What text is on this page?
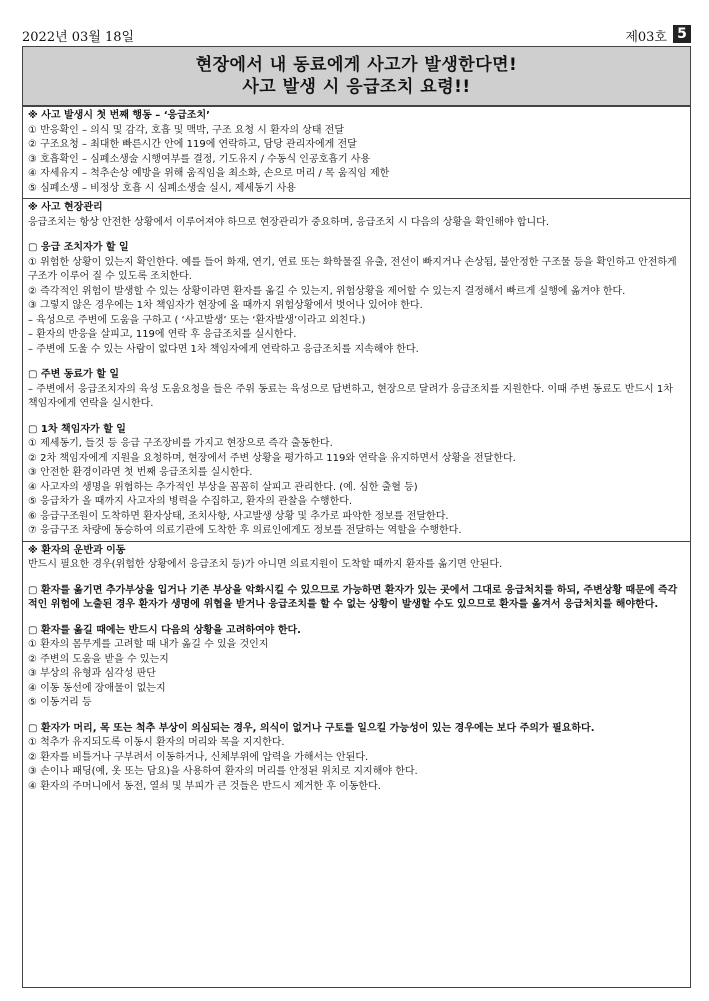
2022년 03월 18일	제03호 5
현장에서 내 동료에게 사고가 발생한다면!
사고 발생 시 응급조치 요령!!

※ 사고 발생시 첫 번째 행동 – ‘응급조치’

① 반응확인 – 의식 및 감각, 호흡 및 맥박, 구조 요청 시 환자의 상태 전달

② 구조요청 – 최대한 빠른시간 안에 119에 연락하고, 담당 관리자에게 전달

③ 호흡확인 – 심폐소생술 시행여부를 결정, 기도유지 / 수동식 인공호흡기 사용

④ 자세유지 – 척추손상 예방을 위해 움직임을 최소화, 손으로 머리 / 목 움직임 제한

⑤ 심폐소생 – 비정상 호흡 시 심폐소생술 실시, 제세동기 사용

※ 사고 현장관리

응급조치는 항상 안전한 상황에서 이루어져야 하므로 현장관리가 중요하며, 응급조치 시 다음의 상황을 확인해야 합니다.

▢ 응급 조치자가 할 일

① 위험한 상황이 있는지 확인한다. 예를 들어 화재, 연기, 연료 또는 화학물질 유출, 전선이 빠지거나 손상됨, 불안정한 구조물 등을 확인하고 안전하게 구조가 이루어 질 수 있도록 조치한다.

② 즉각적인 위험이 발생할 수 있는 상황이라면 환자를 옮길 수 있는지, 위험상황을 제어할 수 있는지 결정해서 빠르게 실행에 옮겨야 한다.

③ 그렇지 않은 경우에는 1차 책임자가 현장에 올 때까지 위험상황에서 벗어나 있어야 한다.

– 육성으로 주변에 도움을 구하고 ( ‘사고발생’ 또는 ‘환자발생’이라고 외친다.)

– 환자의 반응을 살피고, 119에 연락 후 응급조치를 실시한다.

– 주변에 도울 수 있는 사람이 없다면 1차 책임자에게 연락하고 응급조치를 지속해야 한다.

▢ 주변 동료가 할 일

– 주변에서 응급조치자의 육성 도움요청을 들은 주위 동료는 육성으로 답변하고, 현장으로 달려가 응급조치를 지원한다. 이때 주변 동료도 반드시 1차 책임자에게 연락을 실시한다.

▢ 1차 책임자가 할 일

① 제세동기, 들것 등 응급 구조장비를 가지고 현장으로 즉각 출동한다.

② 2차 책임자에게 지원을 요청하며, 현장에서 주변 상황을 평가하고 119와 연락을 유지하면서 상황을 전달한다.

③ 안전한 환경이라면 첫 번째 응급조치를 실시한다.

④ 사고자의 생명을 위협하는 추가적인 부상을 꼼꼼히 살피고 관리한다. (예. 심한 출혈 등)

⑤ 응급차가 올 때까지 사고자의 병력을 수집하고, 환자의 관찰을 수행한다.

⑥ 응급구조원이 도착하면 환자상태, 조치사항, 사고발생 상황 및 추가로 파악한 정보를 전달한다.

⑦ 응급구조 차량에 동승하여 의료기관에 도착한 후 의료인에게도 정보를 전달하는 역할을 수행한다.

※ 환자의 운반과 이동

반드시 필요한 경우(위험한 상황에서 응급조치 등)가 아니면 의료지원이 도착할 때까지 환자를 옮기면 안된다.

▢ 환자를 옮기면 추가부상을 입거나 기존 부상을 악화시킬 수 있으므로 가능하면 환자가 있는 곳에서 그대로 응급처치를 하되, 주변상황 때문에 즉각적인 위험에 노출된 경우 환자가 생명에 위협을 받거나 응급조치를 할 수 없는 상황이 발생할 수도 있으므로 환자를 옮겨서 응급처치를 해야한다.

▢ 환자를 옮길 때에는 반드시 다음의 상황을 고려하여야 한다.

① 환자의 몸무게를 고려할 때 내가 옮길 수 있을 것인지

② 주변의 도움을 받을 수 있는지

③ 부상의 유형과 심각성 판단

④ 이동 동선에 장애물이 없는지

⑤ 이동거리 등

▢ 환자가 머리, 목 또는 척추 부상이 의심되는 경우, 의식이 없거나 구토를 일으킬 가능성이 있는 경우에는 보다 주의가 필요하다.

① 척추가 유지되도록 이동시 환자의 머리와 목을 지지한다.

② 환자를 비틀거나 구부려서 이동하거나, 신체부위에 압력을 가해서는 안된다.

③ 손이나 패딩(예, 옷 또는 담요)을 사용하여 환자의 머리를 안정된 위치로 지지해야 한다.

④ 환자의 주머니에서 동전, 열쇠 및 부피가 큰 것들은 반드시 제거한 후 이동한다.
